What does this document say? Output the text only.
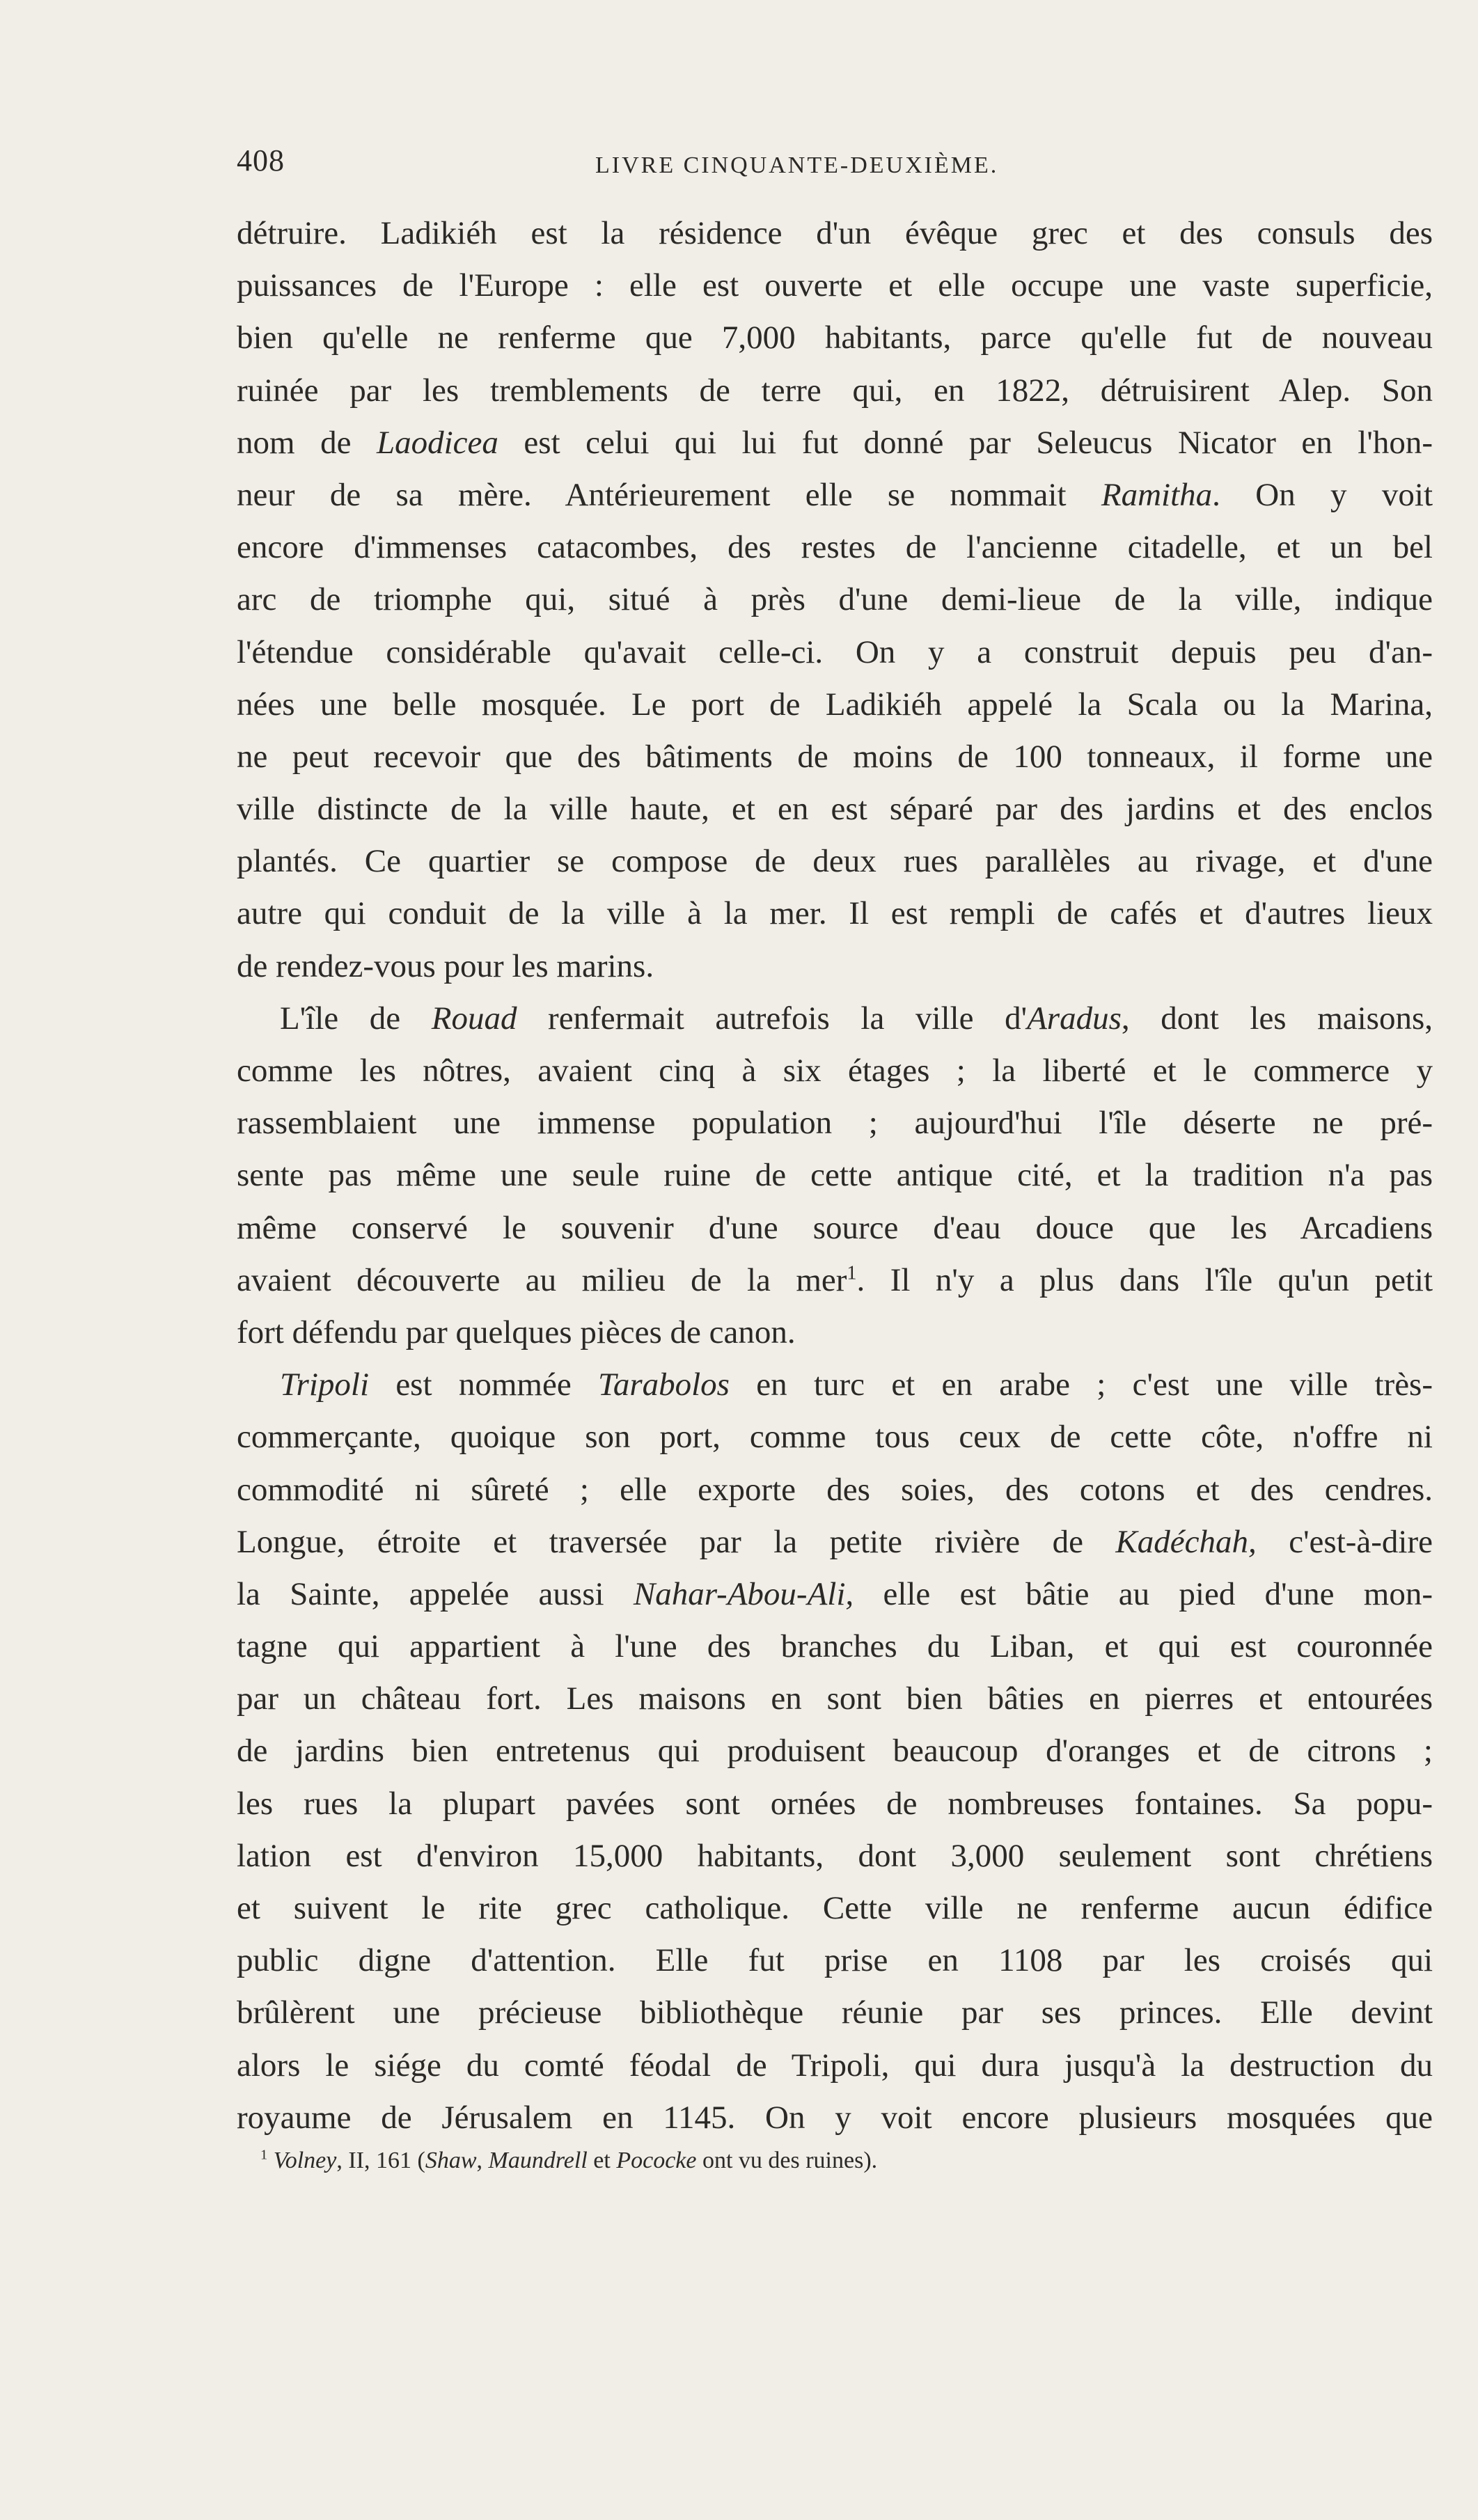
408	LIVRE CINQUANTE-DEUXIÈME.
détruire. Ladikiéh est la résidence d'un évêque grec et des consuls des
puissances de l'Europe : elle est ouverte et elle occupe une vaste superficie,
bien qu'elle ne renferme que 7,000 habitants, parce qu'elle fut de nouveau
ruinée par les tremblements de terre qui, en 1822, détruisirent Alep. Son
nom de Laodicea est celui qui lui fut donné par Seleucus Nicator en l'hon-
neur de sa mère. Antérieurement elle se nommait Ramitha. On y voit
encore d'immenses catacombes, des restes de l'ancienne citadelle, et un bel
arc de triomphe qui, situé à près d'une demi-lieue de la ville, indique
l'étendue considérable qu'avait celle-ci. On y a construit depuis peu d'an-
nées une belle mosquée. Le port de Ladikiéh appelé la Scala ou la Marina,
ne peut recevoir que des bâtiments de moins de 100 tonneaux, il forme une
ville distincte de la ville haute, et en est séparé par des jardins et des enclos
plantés. Ce quartier se compose de deux rues parallèles au rivage, et d'une
autre qui conduit de la ville à la mer. Il est rempli de cafés et d'autres lieux
de rendez-vous pour les marins.
L'île de Rouad renfermait autrefois la ville d'Aradus, dont les maisons,
comme les nôtres, avaient cinq à six étages ; la liberté et le commerce y
rassemblaient une immense population ; aujourd'hui l'île déserte ne pré-
sente pas même une seule ruine de cette antique cité, et la tradition n'a pas
même conservé le souvenir d'une source d'eau douce que les Arcadiens
avaient découverte au milieu de la mer$^1$. Il n'y a plus dans l'île qu'un petit
fort défendu par quelques pièces de canon.
Tripoli est nommée Tarabolos en turc et en arabe ; c'est une ville très-
commerçante, quoique son port, comme tous ceux de cette côte, n'offre ni
commodité ni sûreté ; elle exporte des soies, des cotons et des cendres.
Longue, étroite et traversée par la petite rivière de Kadéchah, c'est-à-dire
la Sainte, appelée aussi Nahar-Abou-Ali, elle est bâtie au pied d'une mon-
tagne qui appartient à l'une des branches du Liban, et qui est couronnée
par un château fort. Les maisons en sont bien bâties en pierres et entourées
de jardins bien entretenus qui produisent beaucoup d'oranges et de citrons ;
les rues la plupart pavées sont ornées de nombreuses fontaines. Sa popu-
lation est d'environ 15,000 habitants, dont 3,000 seulement sont chrétiens
et suivent le rite grec catholique. Cette ville ne renferme aucun édifice
public digne d'attention. Elle fut prise en 1108 par les croisés qui
brûlèrent une précieuse bibliothèque réunie par ses princes. Elle devint
alors le siége du comté féodal de Tripoli, qui dura jusqu'à la destruction du
royaume de Jérusalem en 1145. On y voit encore plusieurs mosquées que
$^1$ Volney, II, 161 (Shaw, Maundrell et Pococke ont vu des ruines).
